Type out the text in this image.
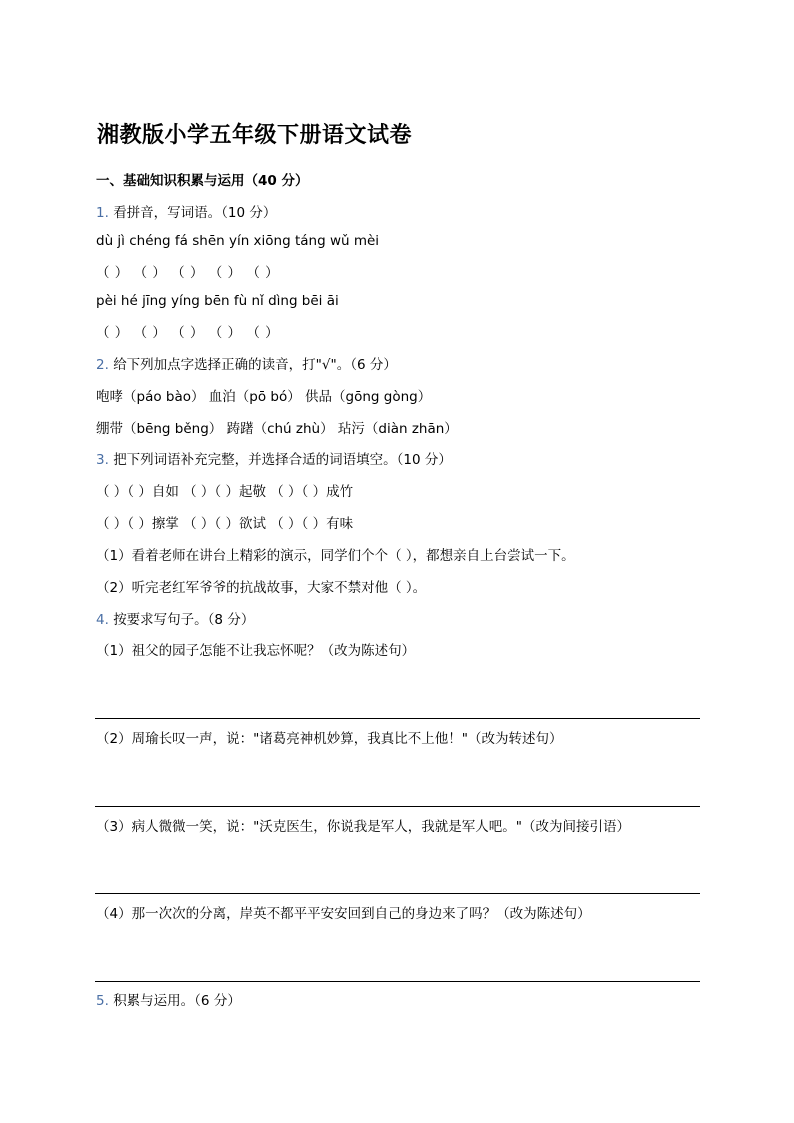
湘教版小学五年级下册语文试卷
一、基础知识积累与运用（40 分）
1. 看拼音，写词语。（10 分）
dù jì chéng fá shēn yín xiōng táng wǔ mèi
（ ） （ ） （ ） （ ） （ ）
pèi hé jīng yíng bēn fù nǐ dìng bēi āi
（ ） （ ） （ ） （ ） （ ）
2. 给下列加点字选择正确的读音，打"√"。（6 分）
咆哮（páo bào） 血泊（pō bó） 供品（gōng gòng）
绷带（bēng běng） 踌躇（chú zhù） 玷污（diàn zhān）
3. 把下列词语补充完整，并选择合适的词语填空。（10 分）
（ ）（ ）自如 （ ）（ ）起敬 （ ）（ ）成竹
（ ）（ ）擦掌 （ ）（ ）欲试 （ ）（ ）有味
（1）看着老师在讲台上精彩的演示，同学们个个（ ），都想亲自上台尝试一下。
（2）听完老红军爷爷的抗战故事，大家不禁对他（ ）。
4. 按要求写句子。（8 分）
（1）祖父的园子怎能不让我忘怀呢？（改为陈述句）
（2）周瑜长叹一声，说："诸葛亮神机妙算，我真比不上他！"（改为转述句）
（3）病人微微一笑，说："沃克医生，你说我是军人，我就是军人吧。"（改为间接引语）
（4）那一次次的分离，岸英不都平平安安回到自己的身边来了吗？（改为陈述句）
5. 积累与运用。（6 分）
